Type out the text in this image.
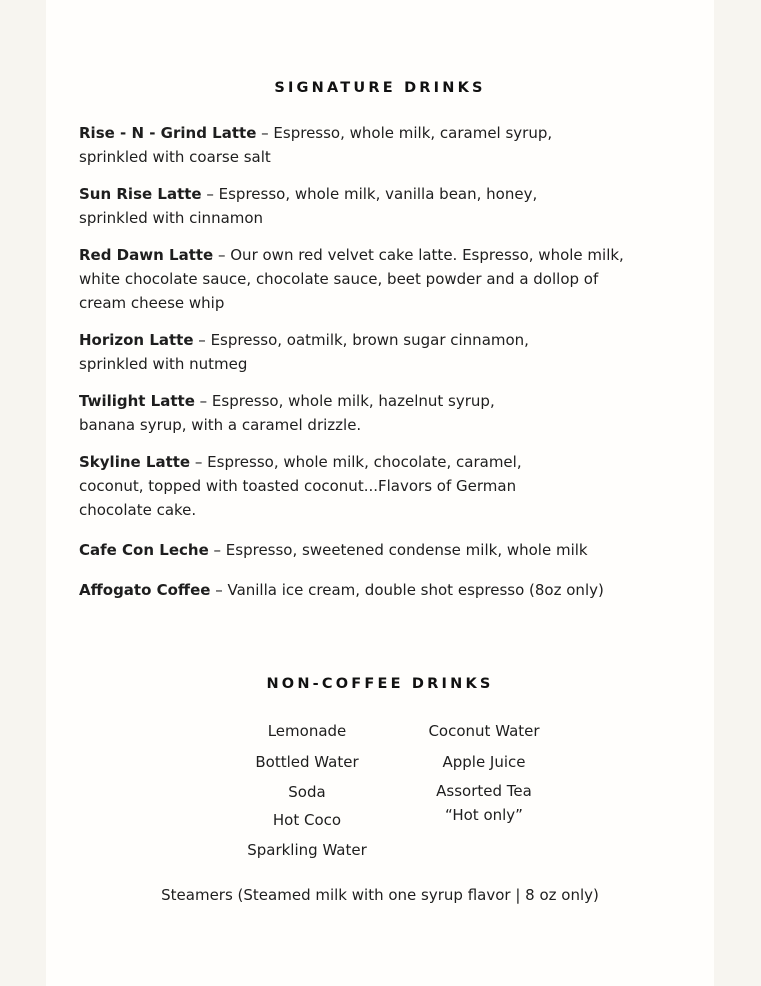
SIGNATURE DRINKS

Rise - N - Grind Latte – Espresso, whole milk, caramel syrup,
sprinkled with coarse salt

Sun Rise Latte – Espresso, whole milk, vanilla bean, honey,
sprinkled with cinnamon

Red Dawn Latte – Our own red velvet cake latte. Espresso, whole milk,
white chocolate sauce, chocolate sauce, beet powder and a dollop of
cream cheese whip

Horizon Latte – Espresso, oatmilk, brown sugar cinnamon,
sprinkled with nutmeg

Twilight Latte – Espresso, whole milk, hazelnut syrup,
banana syrup, with a caramel drizzle.

Skyline Latte – Espresso, whole milk, chocolate, caramel,
coconut, topped with toasted coconut...Flavors of German
chocolate cake.

Cafe Con Leche – Espresso, sweetened condense milk, whole milk

Affogato Coffee – Vanilla ice cream, double shot espresso (8oz only)

NON-COFFEE DRINKS
Lemonade
Bottled Water
Soda
Hot Coco
Sparkling Water
Coconut Water
Apple Juice
Assorted Tea
“Hot only”
Steamers (Steamed milk with one syrup flavor | 8 oz only)
